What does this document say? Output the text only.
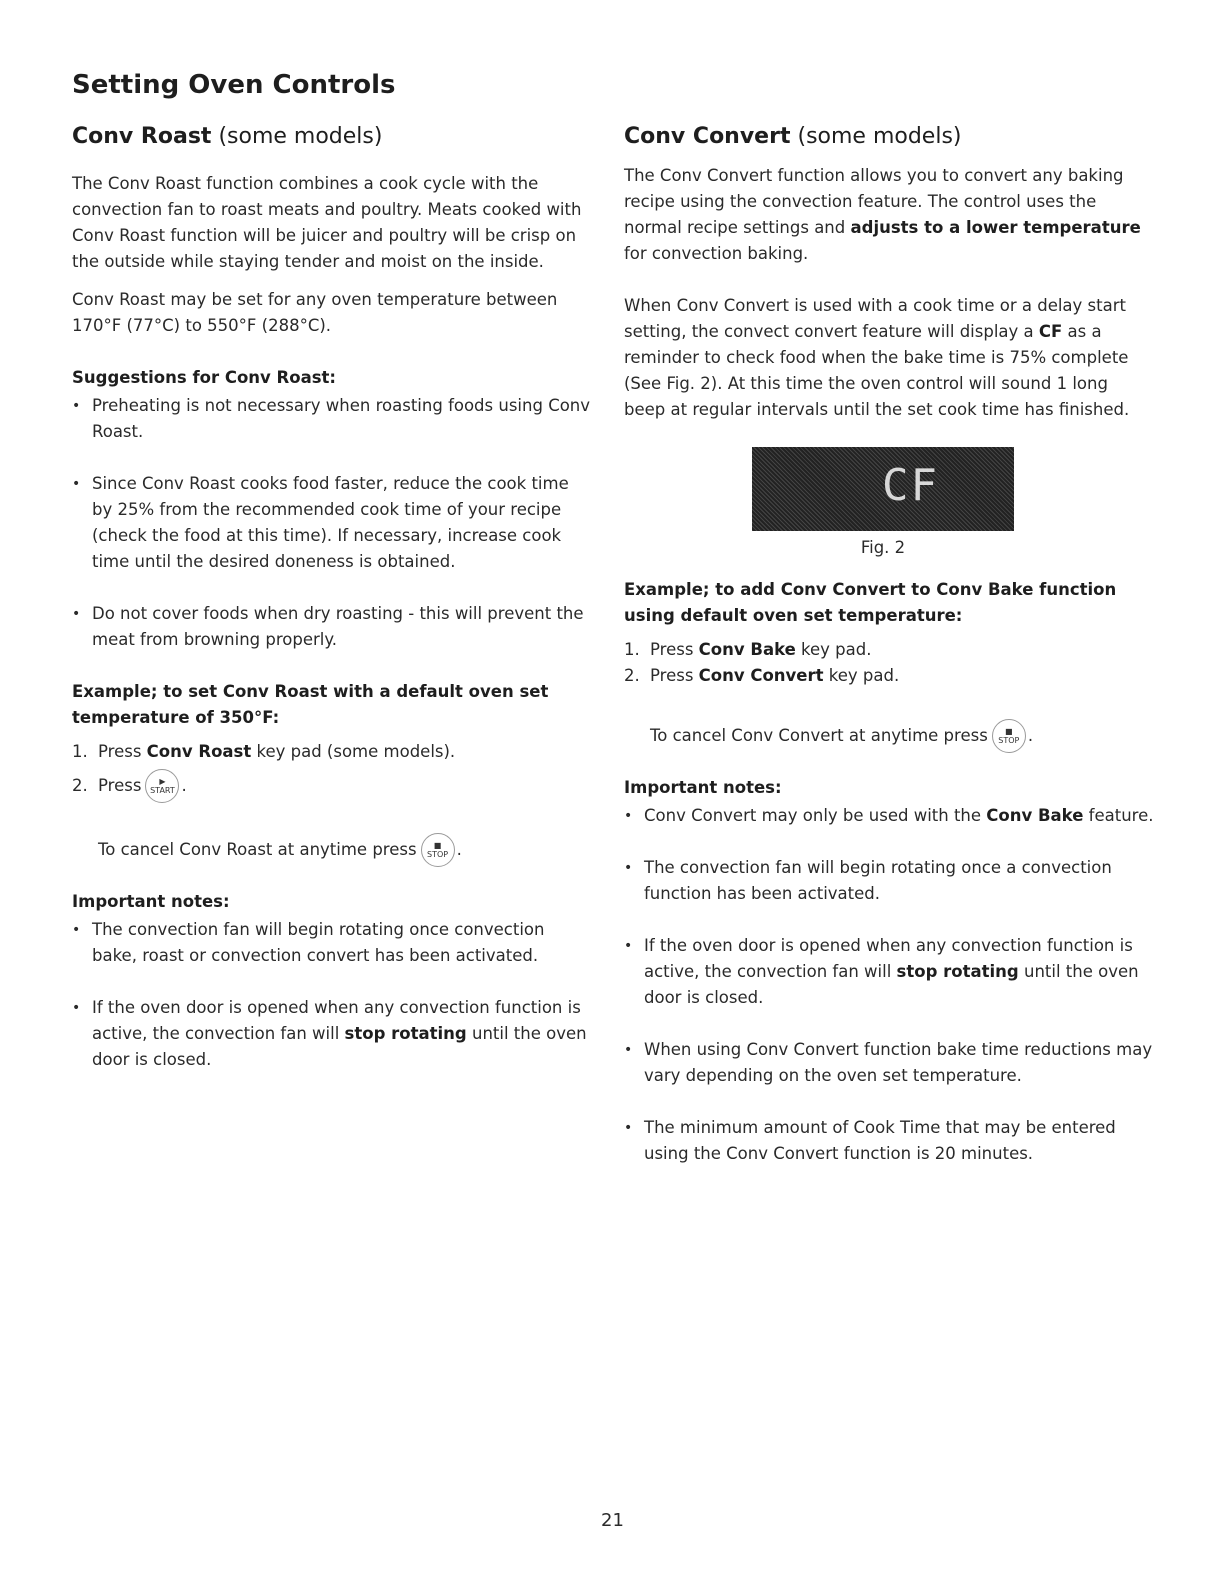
Setting Oven Controls
Conv Roast (some models)

The Conv Roast function combines a cook cycle with the convection fan to roast meats and poultry. Meats cooked with Conv Roast function will be juicer and poultry will be crisp on the outside while staying tender and moist on the inside.

Conv Roast may be set for any oven temperature between 170°F (77°C) to 550°F (288°C).

Suggestions for Conv Roast:
• Preheating is not necessary when roasting foods using Conv Roast.
• Since Conv Roast cooks food faster, reduce the cook time by 25% from the recommended cook time of your recipe (check the food at this time). If necessary, increase cook time until the desired doneness is obtained.
• Do not cover foods when dry roasting - this will prevent the meat from browning properly.
Example; to set Conv Roast with a default oven set temperature of 350°F:
1. Press Conv Roast key pad (some models).
2. Press ▶
START .
To cancel Conv Roast at anytime press ■
STOP .
Important notes:
• The convection fan will begin rotating once convection bake, roast or convection convert has been activated.
• If the oven door is opened when any convection function is active, the convection fan will stop rotating until the oven door is closed.
Conv Convert (some models)

The Conv Convert function allows you to convert any baking recipe using the convection feature. The control uses the normal recipe settings and adjusts to a lower temperature for convection baking.

When Conv Convert is used with a cook time or a delay start setting, the convect convert feature will display a CF as a reminder to check food when the bake time is 75% complete (See Fig. 2). At this time the oven control will sound 1 long beep at regular intervals until the set cook time has finished.

CF
Fig. 2
Example; to add Conv Convert to Conv Bake function using default oven set temperature:
1. Press Conv Bake key pad.
2. Press Conv Convert key pad.
To cancel Conv Convert at anytime press ■
STOP .
Important notes:
• Conv Convert may only be used with the Conv Bake feature.
• The convection fan will begin rotating once a convection function has been activated.
• If the oven door is opened when any convection function is active, the convection fan will stop rotating until the oven door is closed.
• When using Conv Convert function bake time reductions may vary depending on the oven set temperature.
• The minimum amount of Cook Time that may be entered using the Conv Convert function is 20 minutes.
21
